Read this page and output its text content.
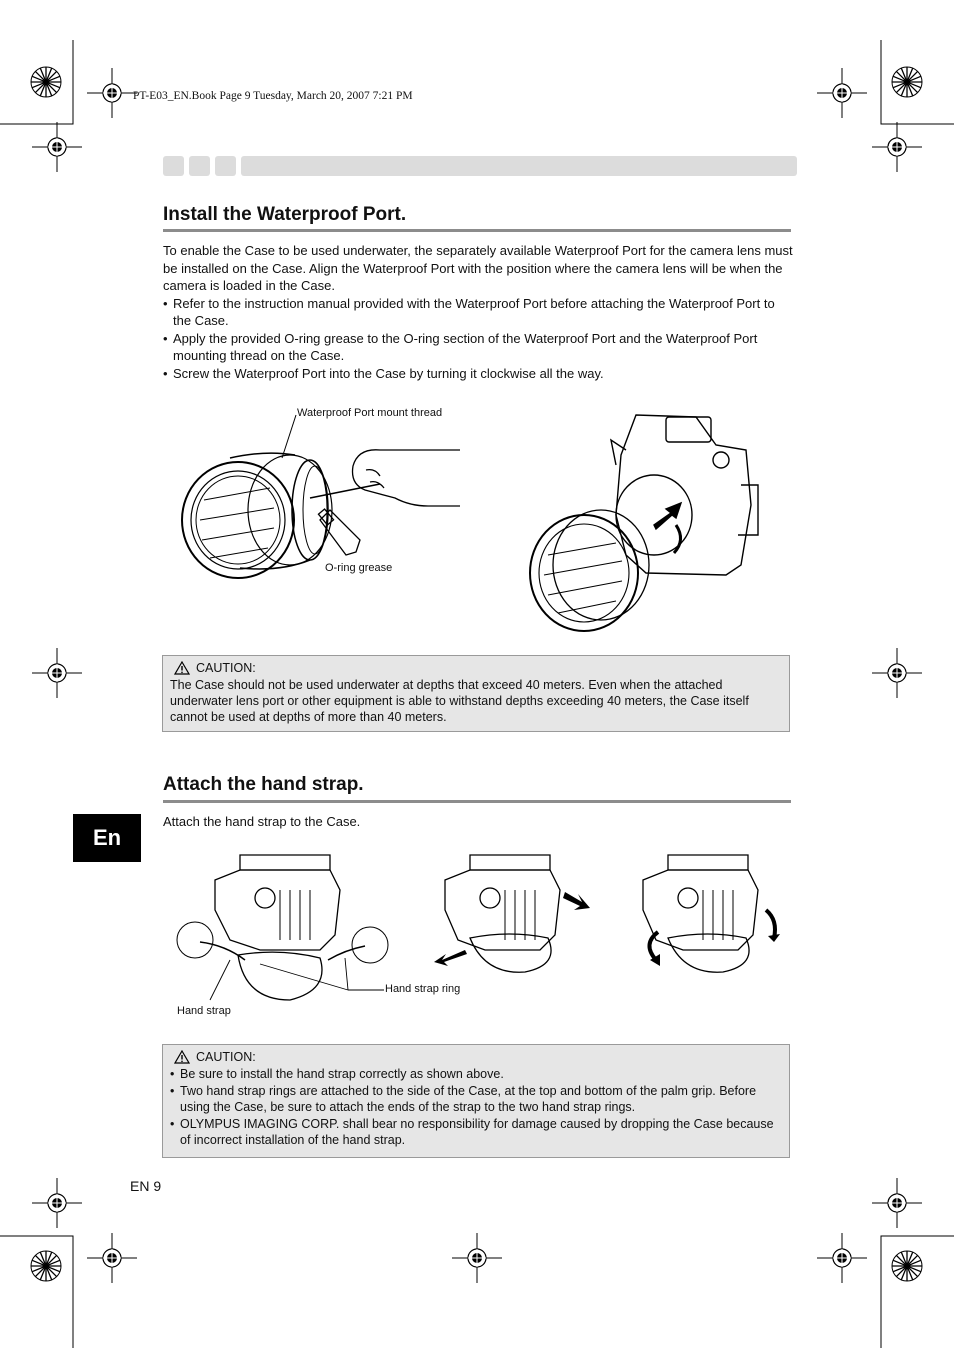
PT-E03_EN.Book Page 9 Tuesday, March 20, 2007 7:21 PM
Install the Waterproof Port.
To enable the Case to be used underwater, the separately available Waterproof Port for the camera lens must be installed on the Case. Align the Waterproof Port with the position where the camera lens will be when the camera is loaded in the Case.
• Refer to the instruction manual provided with the Waterproof Port before attaching the Waterproof Port to the Case.
• Apply the provided O-ring grease to the O-ring section of the Waterproof Port and the Waterproof Port mounting thread on the Case.
• Screw the Waterproof Port into the Case by turning it clockwise all the way.
Waterproof Port mount thread
O-ring grease
CAUTION:
The Case should not be used underwater at depths that exceed 40 meters. Even when the attached underwater lens port or other equipment is able to withstand depths exceeding 40 meters, the Case itself cannot be used at depths of more than 40 meters.
Attach the hand strap.
Attach the hand strap to the Case.
En
Hand strap ring
Hand strap
CAUTION:
• Be sure to install the hand strap correctly as shown above.
• Two hand strap rings are attached to the side of the Case, at the top and bottom of the palm grip. Before using the Case, be sure to attach the ends of the strap to the two hand strap rings.
• OLYMPUS IMAGING CORP. shall bear no responsibility for damage caused by dropping the Case because of incorrect installation of the hand strap.
EN 9
